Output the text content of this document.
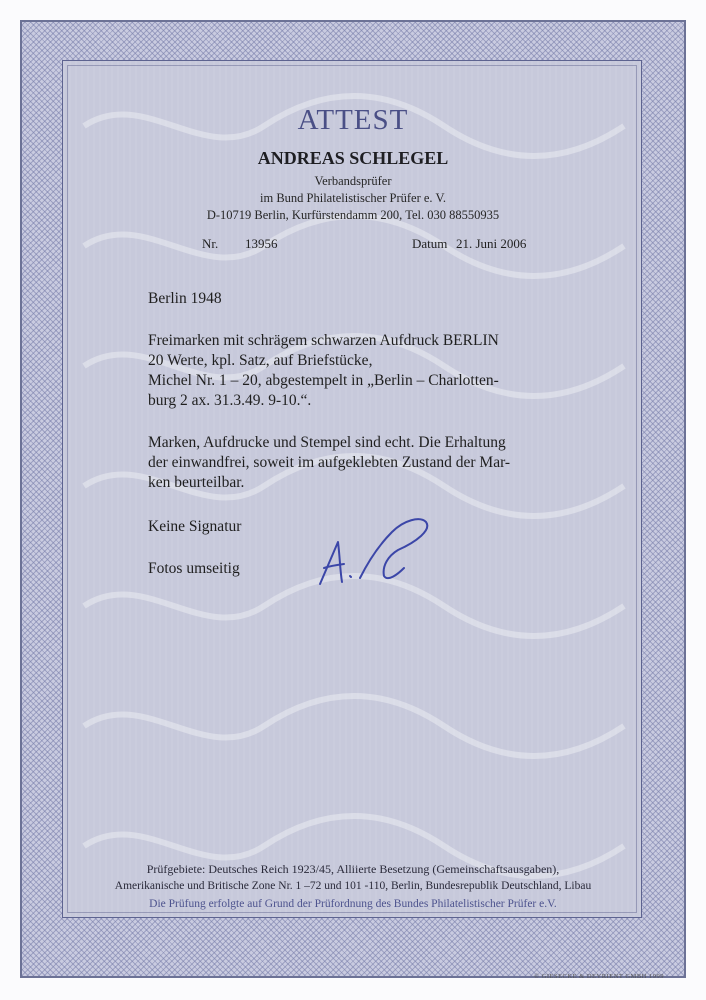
ATTEST
ANDREAS SCHLEGEL
Verbandsprüfer
im Bund Philatelistischer Prüfer e. V.
D-10719 Berlin, Kurfürstendamm 200, Tel. 030 88550935
Nr. 13956	Datum 21. Juni 2006
Berlin 1948
Freimarken mit schrägem schwarzen Aufdruck BERLIN
20 Werte, kpl. Satz, auf Briefstücke,
Michel Nr. 1 – 20, abgestempelt in „Berlin – Charlotten-
burg 2 ax. 31.3.49. 9-10.“.
Marken, Aufdrucke und Stempel sind echt. Die Erhaltung
der einwandfrei, soweit im aufgeklebten Zustand der Mar-
ken beurteilbar.
Keine Signatur
Fotos umseitig
Prüfgebiete: Deutsches Reich 1923/45, Alliierte Besetzung (Gemeinschaftsausgaben),
Amerikanische und Britische Zone Nr. 1 –72 und 101 -110, Berlin, Bundesrepublik Deutschland, Libau
Die Prüfung erfolgte auf Grund der Prüfordnung des Bundes Philatelistischer Prüfer e.V.
© GIESECKE & DEVRIENT GMBH 1999
